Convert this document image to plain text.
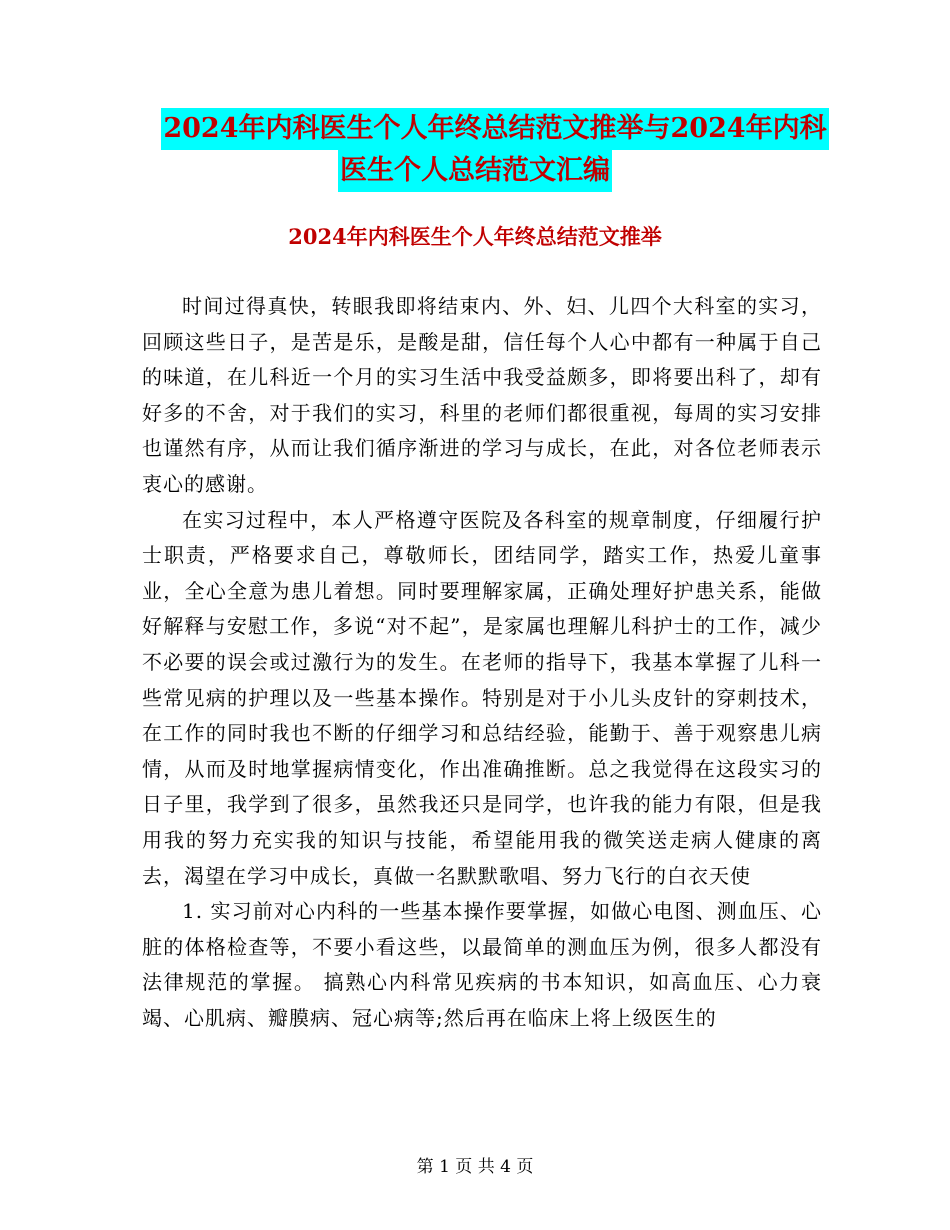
2024年内科医生个人年终总结范文推举与2024年内科
医生个人总结范文汇编
2024年内科医生个人年终总结范文推举

时间过得真快，转眼我即将结束内、外、妇、儿四个大科室的实习，回顾这些日子，是苦是乐，是酸是甜，信任每个人心中都有一种属于自己的味道，在儿科近一个月的实习生活中我受益颇多，即将要出科了，却有好多的不舍，对于我们的实习，科里的老师们都很重视，每周的实习安排也谨然有序，从而让我们循序渐进的学习与成长，在此，对各位老师表示衷心的感谢。

在实习过程中，本人严格遵守医院及各科室的规章制度，仔细履行护士职责，严格要求自己，尊敬师长，团结同学，踏实工作，热爱儿童事业，全心全意为患儿着想。同时要理解家属，正确处理好护患关系，能做好解释与安慰工作，多说“对不起”，是家属也理解儿科护士的工作，减少不必要的误会或过激行为的发生。在老师的指导下，我基本掌握了儿科一些常见病的护理以及一些基本操作。特别是对于小儿头皮针的穿刺技术，在工作的同时我也不断的仔细学习和总结经验，能勤于、善于观察患儿病情，从而及时地掌握病情变化，作出准确推断。总之我觉得在这段实习的日子里，我学到了很多，虽然我还只是同学，也许我的能力有限，但是我用我的努力充实我的知识与技能，希望能用我的微笑送走病人健康的离去，渴望在学习中成长，真做一名默默歌唱、努力飞行的白衣天使

1. 实习前对心内科的一些基本操作要掌握，如做心电图、测血压、心脏的体格检查等，不要小看这些，以最简单的测血压为例，很多人都没有法律规范的掌握。 搞熟心内科常见疾病的书本知识，如高血压、心力衰竭、心肌病、瓣膜病、冠心病等;然后再在临床上将上级医生的

第 1 页 共 4 页
